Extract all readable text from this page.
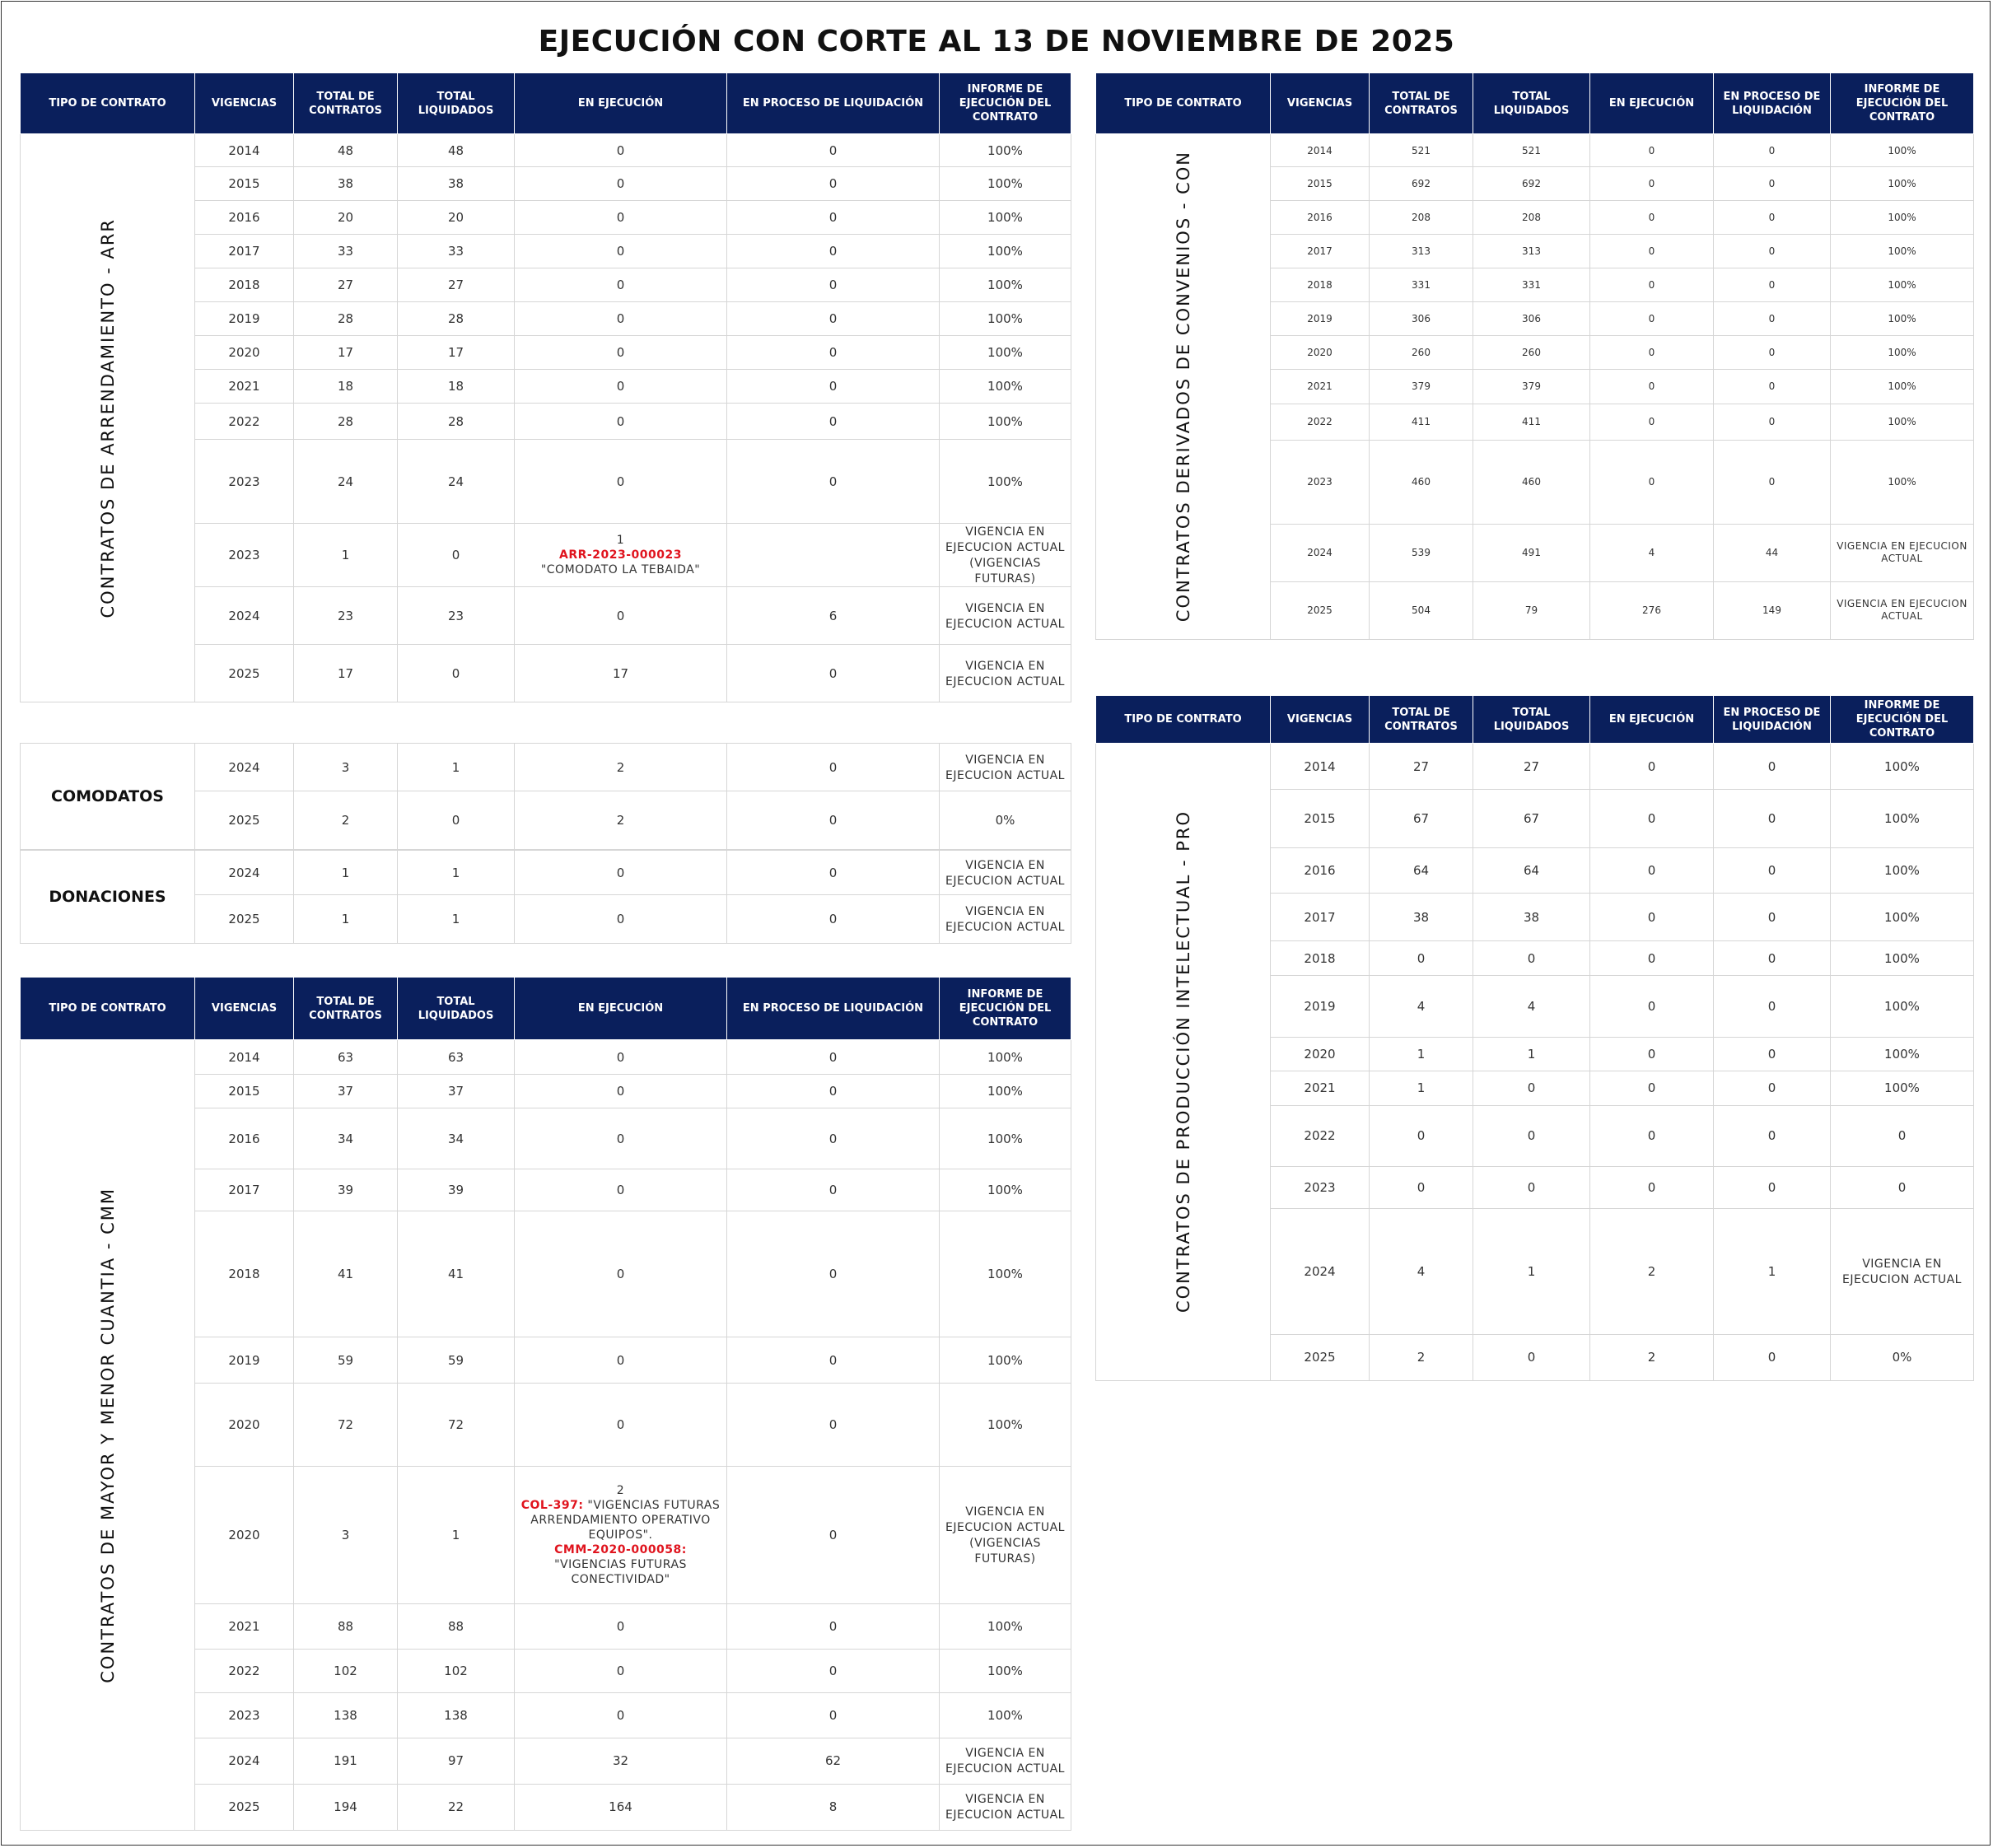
EJECUCIÓN CON CORTE AL 13 DE NOVIEMBRE DE 2025
TIPO DE CONTRATO	VIGENCIAS	TOTAL DE CONTRATOS	TOTAL LIQUIDADOS	EN EJECUCIÓN	EN PROCESO DE LIQUIDACIÓN	INFORME DE EJECUCIÓN DEL CONTRATO

CONTRATOS DE ARRENDAMIENTO - ARR	2014	48	48	0	0	100%
	2015	38	38	0	0	100%
	2016	20	20	0	0	100%
	2017	33	33	0	0	100%
	2018	27	27	0	0	100%
	2019	28	28	0	0	100%
	2020	17	17	0	0	100%
	2021	18	18	0	0	100%
	2022	28	28	0	0	100%
	2023	24	24	0	0	100%
	2023	1	0	1
ARR-2023-000023
"COMODATO LA TEBAIDA"		VIGENCIA EN EJECUCION ACTUAL (VIGENCIAS FUTURAS)
	2024	23	23	0	6	VIGENCIA EN EJECUCION ACTUAL
	2025	17	0	17	0	VIGENCIA EN EJECUCION ACTUAL
COMODATOS	2024	3	1	2	0	VIGENCIA EN EJECUCION ACTUAL
	2025	2	0	2	0	0%
DONACIONES	2024	1	1	0	0	VIGENCIA EN EJECUCION ACTUAL
	2025	1	1	0	0	VIGENCIA EN EJECUCION ACTUAL
TIPO DE CONTRATO	VIGENCIAS	TOTAL DE CONTRATOS	TOTAL LIQUIDADOS	EN EJECUCIÓN	EN PROCESO DE LIQUIDACIÓN	INFORME DE EJECUCIÓN DEL CONTRATO

CONTRATOS DE MAYOR Y MENOR CUANTIA - CMM	2014	63	63	0	0	100%
	2015	37	37	0	0	100%
	2016	34	34	0	0	100%
	2017	39	39	0	0	100%
	2018	41	41	0	0	100%
	2019	59	59	0	0	100%
	2020	72	72	0	0	100%
	2020	3	1	2
COL-397: "VIGENCIAS FUTURAS ARRENDAMIENTO OPERATIVO EQUIPOS".
CMM-2020-000058: "VIGENCIAS FUTURAS CONECTIVIDAD"	0	VIGENCIA EN EJECUCION ACTUAL (VIGENCIAS FUTURAS)
	2021	88	88	0	0	100%
	2022	102	102	0	0	100%
	2023	138	138	0	0	100%
	2024	191	97	32	62	VIGENCIA EN EJECUCION ACTUAL
	2025	194	22	164	8	VIGENCIA EN EJECUCION ACTUAL
TIPO DE CONTRATO	VIGENCIAS	TOTAL DE CONTRATOS	TOTAL LIQUIDADOS	EN EJECUCIÓN	EN PROCESO DE LIQUIDACIÓN	INFORME DE EJECUCIÓN DEL CONTRATO

CONTRATOS DERIVADOS DE CONVENIOS - CON	2014	521	521	0	0	100%
	2015	692	692	0	0	100%
	2016	208	208	0	0	100%
	2017	313	313	0	0	100%
	2018	331	331	0	0	100%
	2019	306	306	0	0	100%
	2020	260	260	0	0	100%
	2021	379	379	0	0	100%
	2022	411	411	0	0	100%
	2023	460	460	0	0	100%
	2024	539	491	4	44	VIGENCIA EN EJECUCION ACTUAL
	2025	504	79	276	149	VIGENCIA EN EJECUCION ACTUAL
TIPO DE CONTRATO	VIGENCIAS	TOTAL DE CONTRATOS	TOTAL LIQUIDADOS	EN EJECUCIÓN	EN PROCESO DE LIQUIDACIÓN	INFORME DE EJECUCIÓN DEL CONTRATO

CONTRATOS DE PRODUCCIÓN INTELECTUAL - PRO	2014	27	27	0	0	100%
	2015	67	67	0	0	100%
	2016	64	64	0	0	100%
	2017	38	38	0	0	100%
	2018	0	0	0	0	100%
	2019	4	4	0	0	100%
	2020	1	1	0	0	100%
	2021	1	0	0	0	100%
	2022	0	0	0	0	0
	2023	0	0	0	0	0
	2024	4	1	2	1	VIGENCIA EN EJECUCION ACTUAL
	2025	2	0	2	0	0%
